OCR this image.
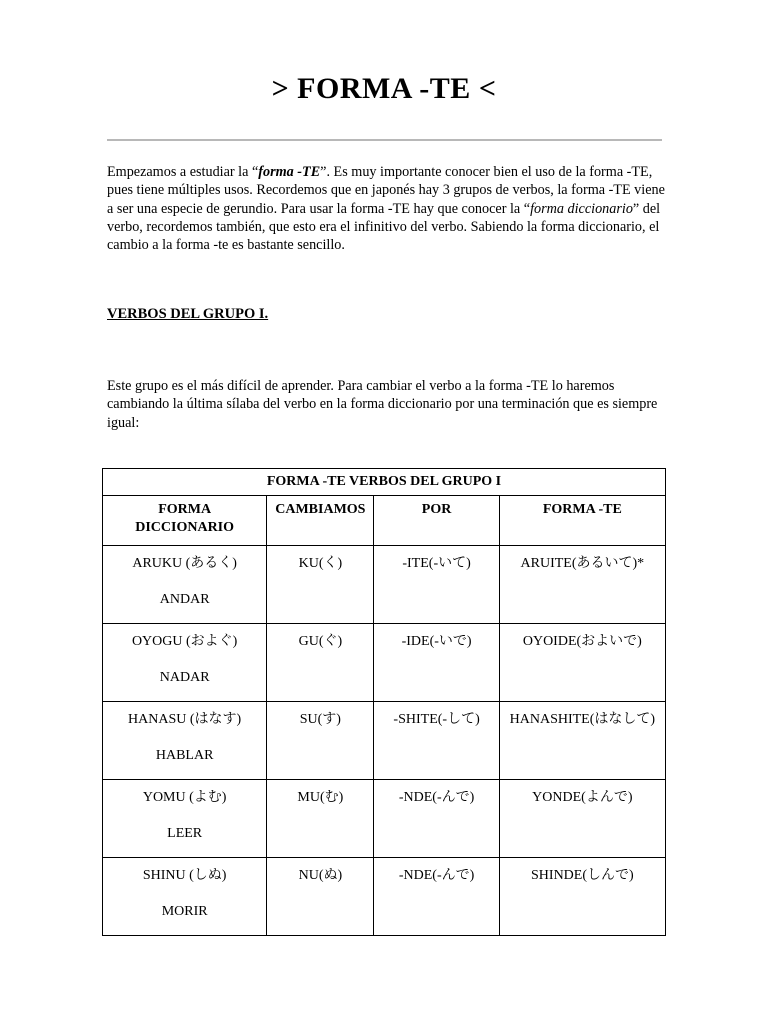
> FORMA -TE <

Empezamos a estudiar la “forma -TE”. Es muy importante conocer bien el uso de la forma -TE, pues tiene múltiples usos. Recordemos que en japonés hay 3 grupos de verbos, la forma -TE viene a ser una especie de gerundio. Para usar la forma -TE hay que conocer la “forma diccionario” del verbo, recordemos también, que esto era el infinitivo del verbo. Sabiendo la forma diccionario, el cambio a la forma -te es bastante sencillo.

VERBOS DEL GRUPO I.
Este grupo es el más difícil de aprender. Para cambiar el verbo a la forma -TE lo haremos cambiando la última sílaba del verbo en la forma diccionario por una terminación que es siempre igual:
FORMA -TE VERBOS DEL GRUPO I			
FORMA
DICCIONARIO	CAMBIAMOS	POR	FORMA -TE

ARUKU (あるく)
ANDAR	KU(く)	-ITE(-いて)	ARUITE(あるいて)*

OYOGU (およぐ)
NADAR	GU(ぐ)	-IDE(-いで)	OYOIDE(およいで)

HANASU (はなす)
HABLAR	SU(す)	-SHITE(-して)	HANASHITE(はなして)

YOMU (よむ)
LEER	MU(む)	-NDE(-んで)	YONDE(よんで)

SHINU (しぬ)
MORIR	NU(ぬ)	-NDE(-んで)	SHINDE(しんで)
